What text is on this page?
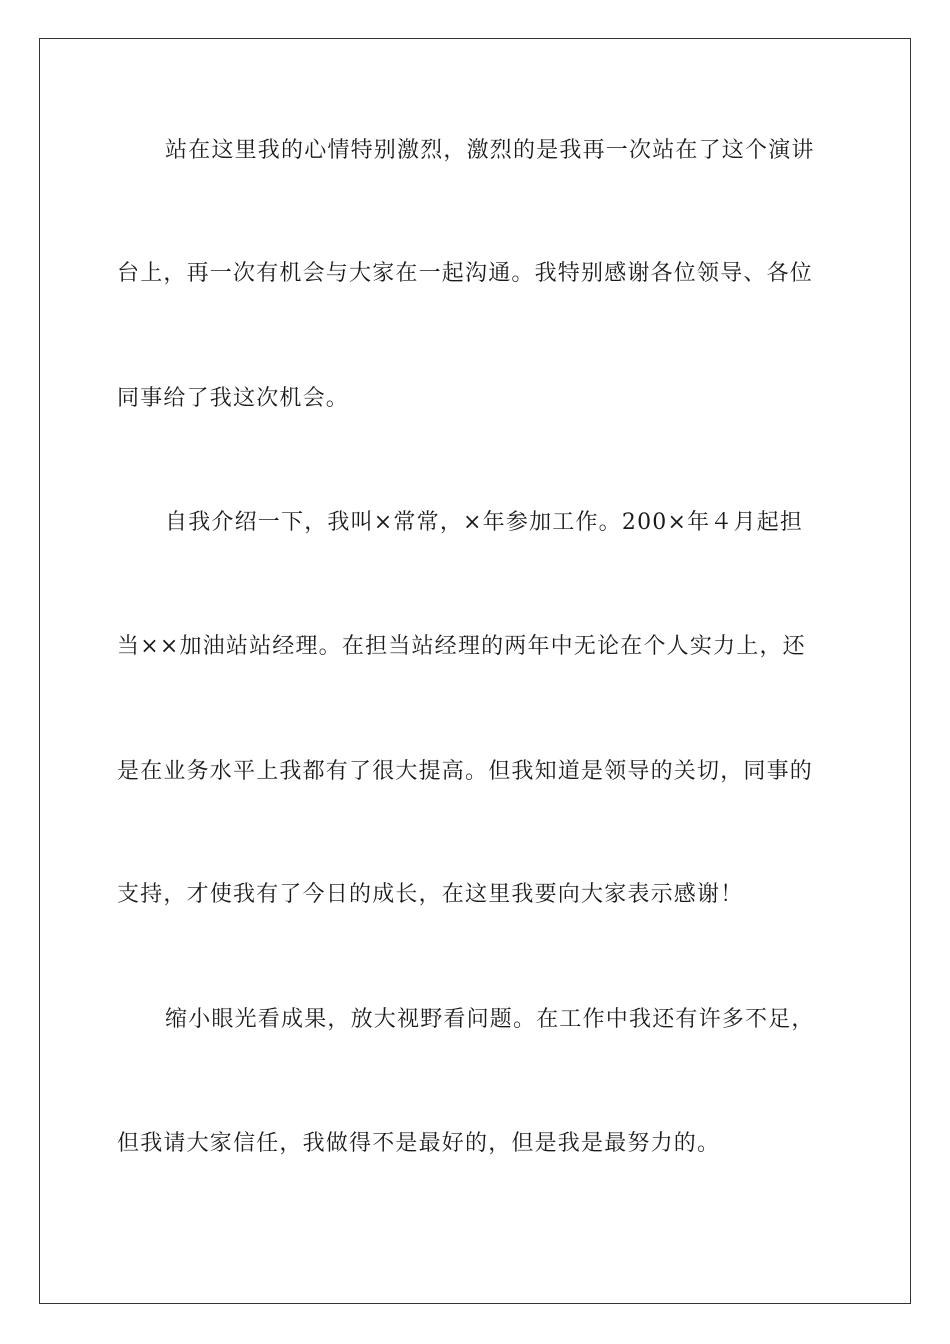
站在这里我的心情特别激烈，激烈的是我再一次站在了这个演讲
台上，再一次有机会与大家在一起沟通。我特别感谢各位领导、各位
同事给了我这次机会。
自我介绍一下，我叫×常常，×年参加工作。200×年４月起担
当××加油站站经理。在担当站经理的两年中无论在个人实力上，还
是在业务水平上我都有了很大提高。但我知道是领导的关切，同事的
支持，才使我有了今日的成长，在这里我要向大家表示感谢！
缩小眼光看成果，放大视野看问题。在工作中我还有许多不足，
但我请大家信任，我做得不是最好的，但是我是最努力的。
